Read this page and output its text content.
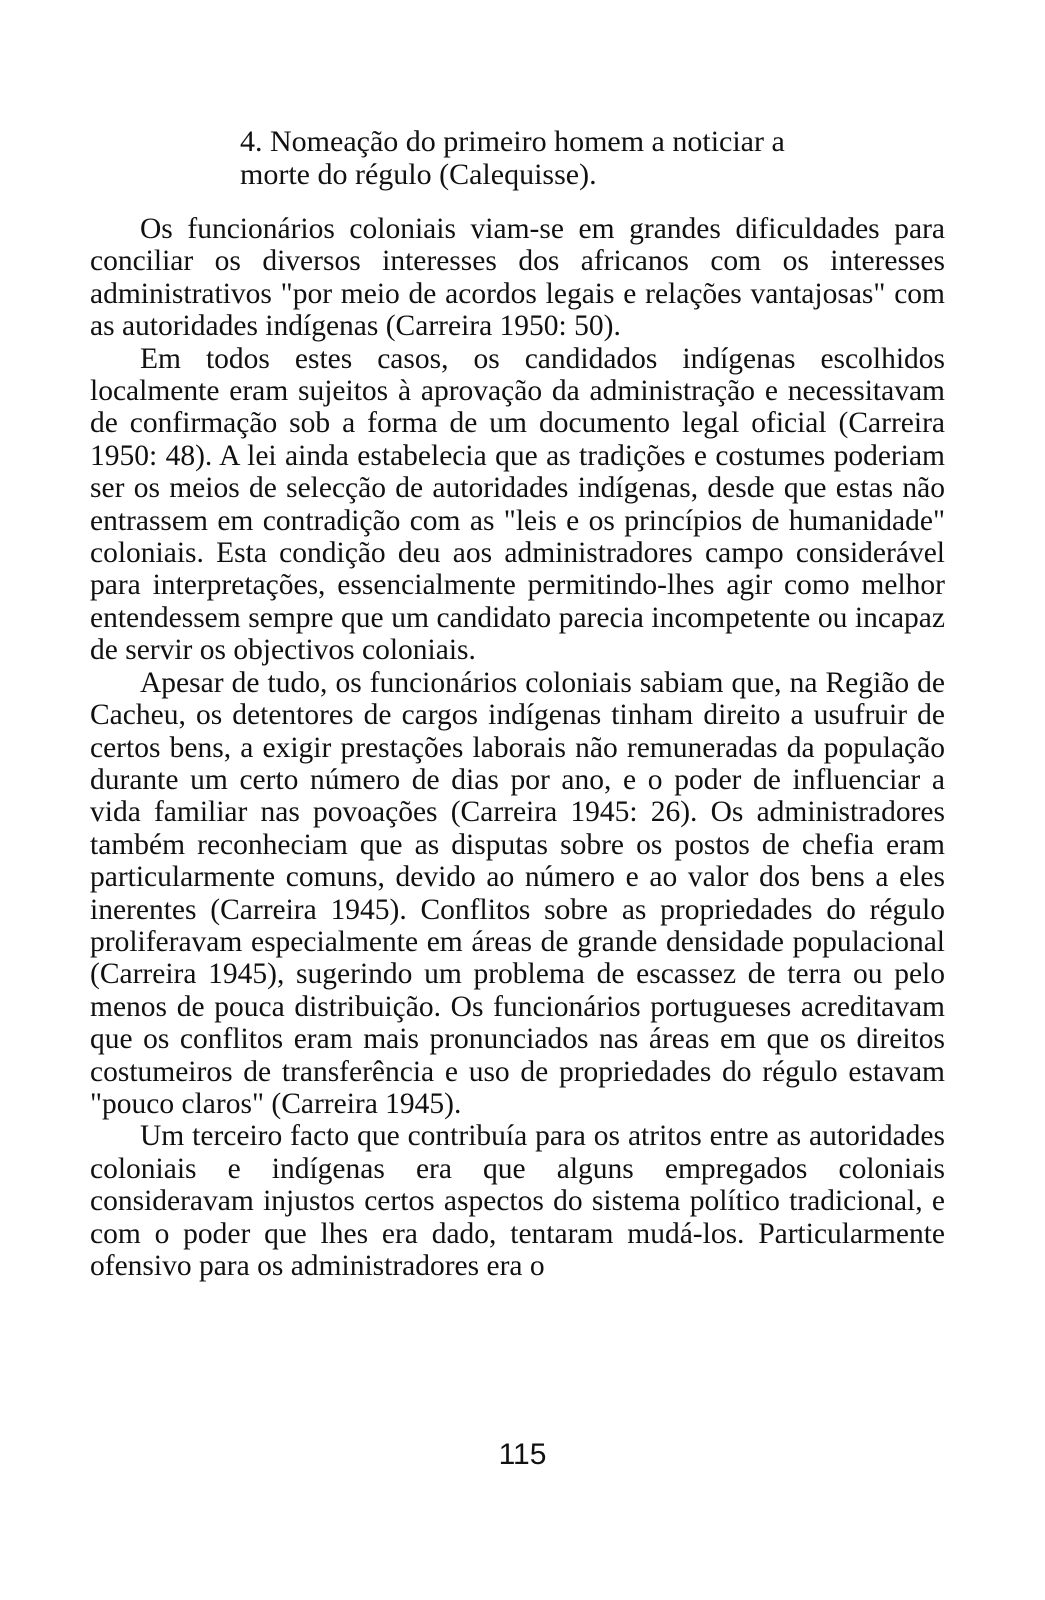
4. Nomeação do primeiro homem a noticiar a
morte do régulo (Calequisse).

Os funcionários coloniais viam-se em grandes dificuldades para conciliar os diversos interesses dos africanos com os interesses administrativos "por meio de acordos legais e relações vantajosas" com as autoridades indígenas (Carreira 1950: 50).

Em todos estes casos, os candidados indígenas escolhidos localmente eram sujeitos à aprovação da administração e necessitavam de confirmação sob a forma de um documento legal oficial (Carreira 1950: 48). A lei ainda estabelecia que as tradições e costumes poderiam ser os meios de selecção de autoridades indígenas, desde que estas não entrassem em contradição com as "leis e os princípios de humanidade" coloniais. Esta condição deu aos administradores campo considerável para interpretações, essencialmente permitindo-lhes agir como melhor entendessem sempre que um candidato parecia incompetente ou incapaz de servir os objectivos coloniais.

Apesar de tudo, os funcionários coloniais sabiam que, na Região de Cacheu, os detentores de cargos indígenas tinham direito a usufruir de certos bens, a exigir prestações laborais não remuneradas da população durante um certo número de dias por ano, e o poder de influenciar a vida familiar nas povoações (Carreira 1945: 26). Os administradores também reconheciam que as disputas sobre os postos de chefia eram particularmente comuns, devido ao número e ao valor dos bens a eles inerentes (Carreira 1945). Conflitos sobre as propriedades do régulo proliferavam especialmente em áreas de grande densidade populacional (Carreira 1945), sugerindo um problema de escassez de terra ou pelo menos de pouca distribuição. Os funcionários portugueses acreditavam que os conflitos eram mais pronunciados nas áreas em que os direitos costumeiros de transferência e uso de propriedades do régulo estavam "pouco claros" (Carreira 1945).

Um terceiro facto que contribuía para os atritos entre as autoridades coloniais e indígenas era que alguns empregados coloniais consideravam injustos certos aspectos do sistema político tradicional, e com o poder que lhes era dado, tentaram mudá-los. Particularmente ofensivo para os administradores era o

115
